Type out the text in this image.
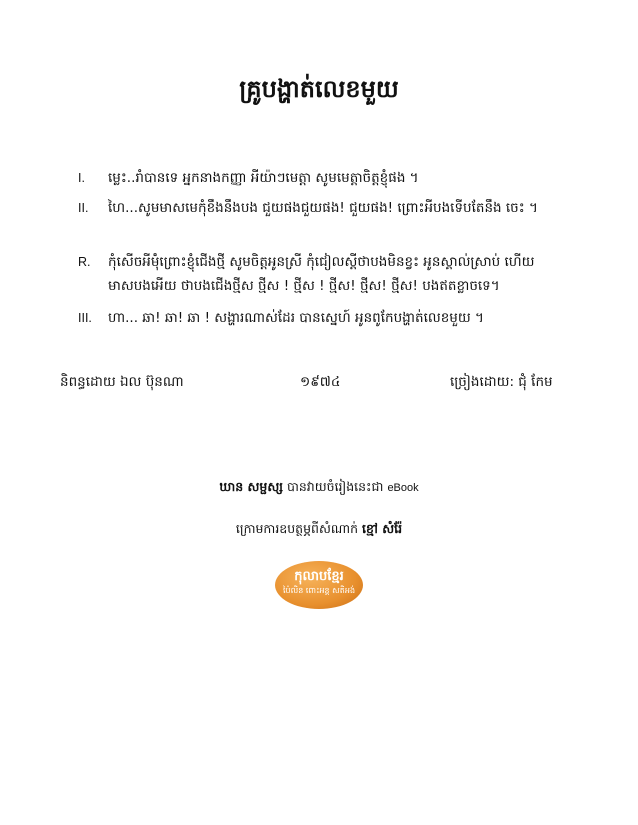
គ្រូបង្ហាត់លេខមួយ
I.	ម្លេះ..រាំបានទេ អ្នកនាងកញ្ញា អីយ៉ាៗមេត្តា សូមមេត្តាចិត្តខ្ញុំផង ។
II.	ហៃ...សូមមាសមេកុំខឹងនឹងបង ជួយផងជួយផង! ជួយផង! ព្រោះអីបងទើបតែនឹង ចេះ ។
R.	កុំសើចអីម៉ុំព្រោះខ្ញុំជើងថ្មី សូមចិត្តអូនស្រី កុំជៀលស្ដីថាបងមិនខ្វះ អូនស្គាល់ស្រាប់ ហើយ មាសបងអើយ ថាបងជើងថ្មីស ថ្មីស ! ថ្មីស ! ថ្មីស! ថ្មីស! ថ្មីស! បងឥតខ្លាចទេ។
III.	ហា... ឆា! ឆា! ឆា ! សង្ហារណាស់ដែរ បានស្នេហ៍ អូនពូកែបង្ហាត់លេខមួយ ។
និពន្ធដោយ ឯល ប៊ុនណា	១៩៧៤	ច្រៀងដោយ: ជុំ កែម
ឃាន សម្ផស្ស បានវាយចំរៀងនេះជា eBook
ក្រោមការឧបត្ថម្ភពីសំណាក់ ខ្មៅ សំរ៉ែ
កុលាបខ្មែរ
ប៉ៃលិន ពោះអន្ដ សតិអង់
